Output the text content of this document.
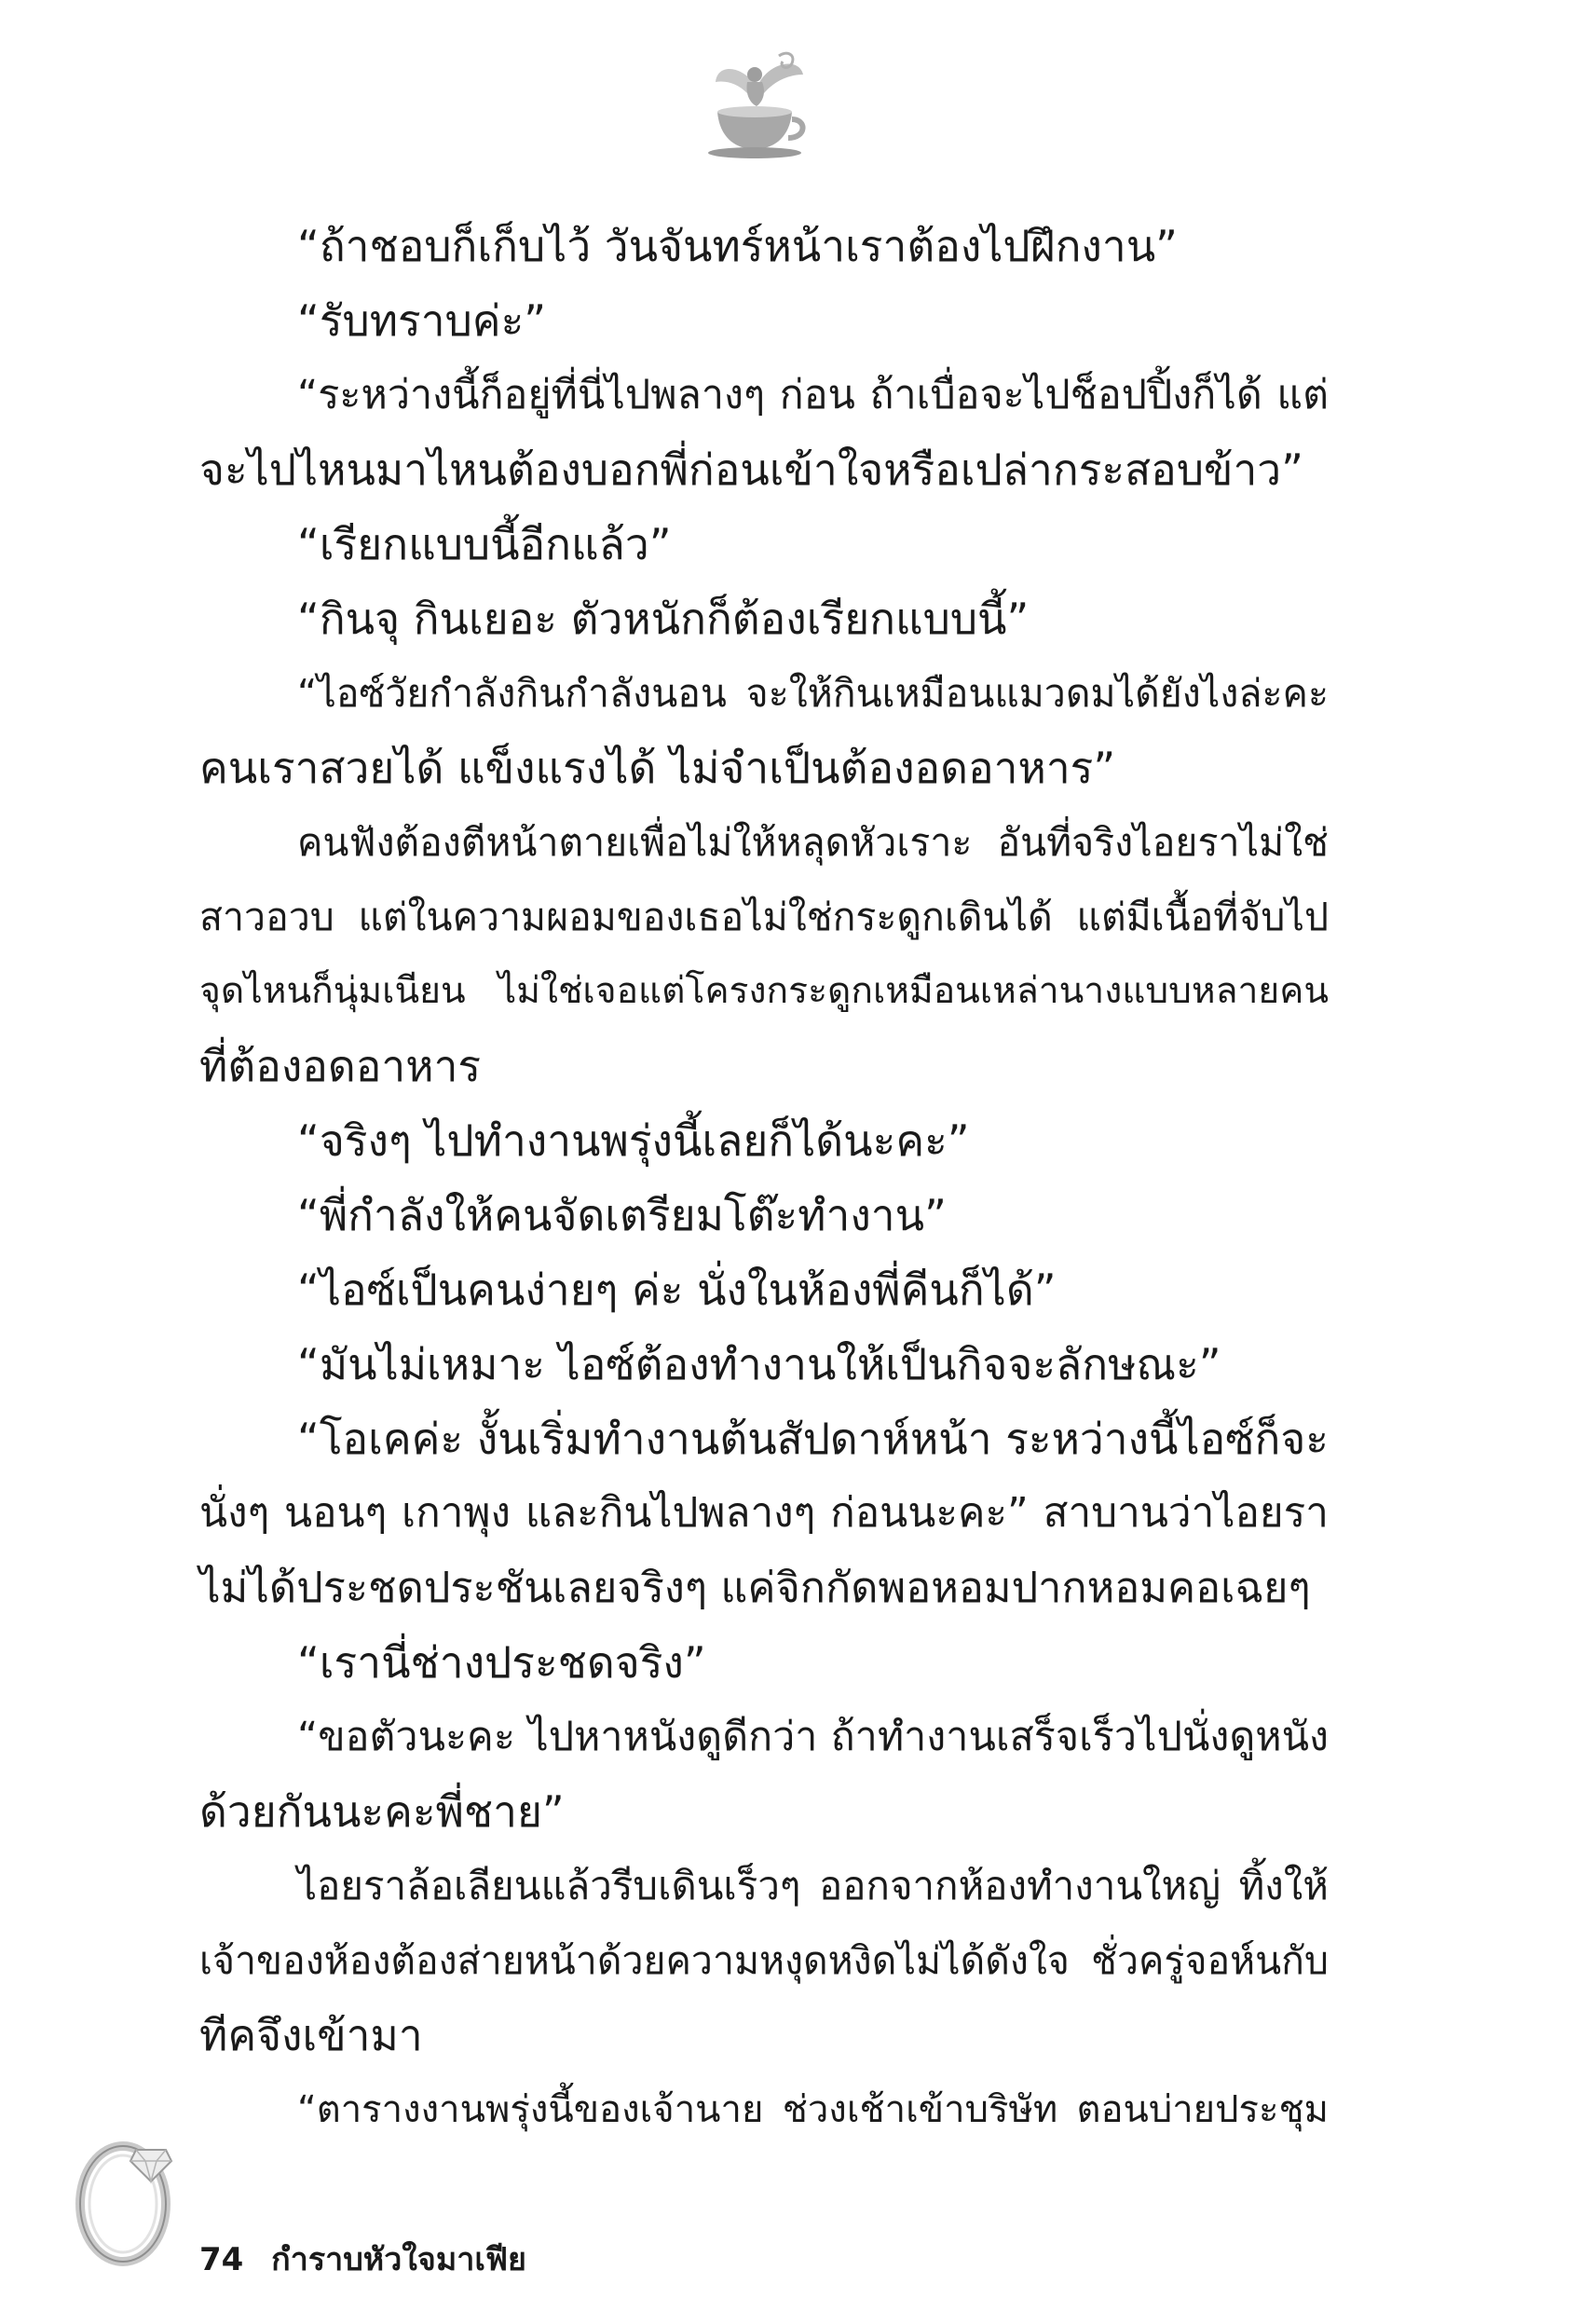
“ถ้าชอบก็เก็บไว้ วันจันทร์หน้าเราต้องไปฝึกงาน”
“รับทราบค่ะ”
“ระหว่างนี้ก็อยู่ที่นี่ไปพลางๆ ก่อน ถ้าเบื่อจะไปช็อปปิ้งก็ได้ แต่
จะไปไหนมาไหนต้องบอกพี่ก่อนเข้าใจหรือเปล่ากระสอบข้าว”
“เรียกแบบนี้อีกแล้ว”
“กินจุ กินเยอะ ตัวหนักก็ต้องเรียกแบบนี้”
“ไอซ์วัยกำลังกินกำลังนอน จะให้กินเหมือนแมวดมได้ยังไงล่ะคะ
คนเราสวยได้ แข็งแรงได้ ไม่จำเป็นต้องอดอาหาร”
คนฟังต้องตีหน้าตายเพื่อไม่ให้หลุดหัวเราะ อันที่จริงไอยราไม่ใช่
สาวอวบ แต่ในความผอมของเธอไม่ใช่กระดูกเดินได้ แต่มีเนื้อที่จับไป
จุดไหนก็นุ่มเนียน ไม่ใช่เจอแต่โครงกระดูกเหมือนเหล่านางแบบหลายคน
ที่ต้องอดอาหาร
“จริงๆ ไปทำงานพรุ่งนี้เลยก็ได้นะคะ”
“พี่กำลังให้คนจัดเตรียมโต๊ะทำงาน”
“ไอซ์เป็นคนง่ายๆ ค่ะ นั่งในห้องพี่คีนก็ได้”
“มันไม่เหมาะ ไอซ์ต้องทำงานให้เป็นกิจจะลักษณะ”
“โอเคค่ะ งั้นเริ่มทำงานต้นสัปดาห์หน้า ระหว่างนี้ไอซ์ก็จะ
นั่งๆ นอนๆ เกาพุง และกินไปพลางๆ ก่อนนะคะ” สาบานว่าไอยรา
ไม่ได้ประชดประชันเลยจริงๆ แค่จิกกัดพอหอมปากหอมคอเฉยๆ
“เรานี่ช่างประชดจริง”
“ขอตัวนะคะ ไปหาหนังดูดีกว่า ถ้าทำงานเสร็จเร็วไปนั่งดูหนัง
ด้วยกันนะคะพี่ชาย”
ไอยราล้อเลียนแล้วรีบเดินเร็วๆ ออกจากห้องทำงานใหญ่ ทิ้งให้
เจ้าของห้องต้องส่ายหน้าด้วยความหงุดหงิดไม่ได้ดังใจ ชั่วครู่จอห์นกับ
ทีคจึงเข้ามา
“ตารางงานพรุ่งนี้ของเจ้านาย ช่วงเช้าเข้าบริษัท ตอนบ่ายประชุม
74 กำราบหัวใจมาเฟีย
